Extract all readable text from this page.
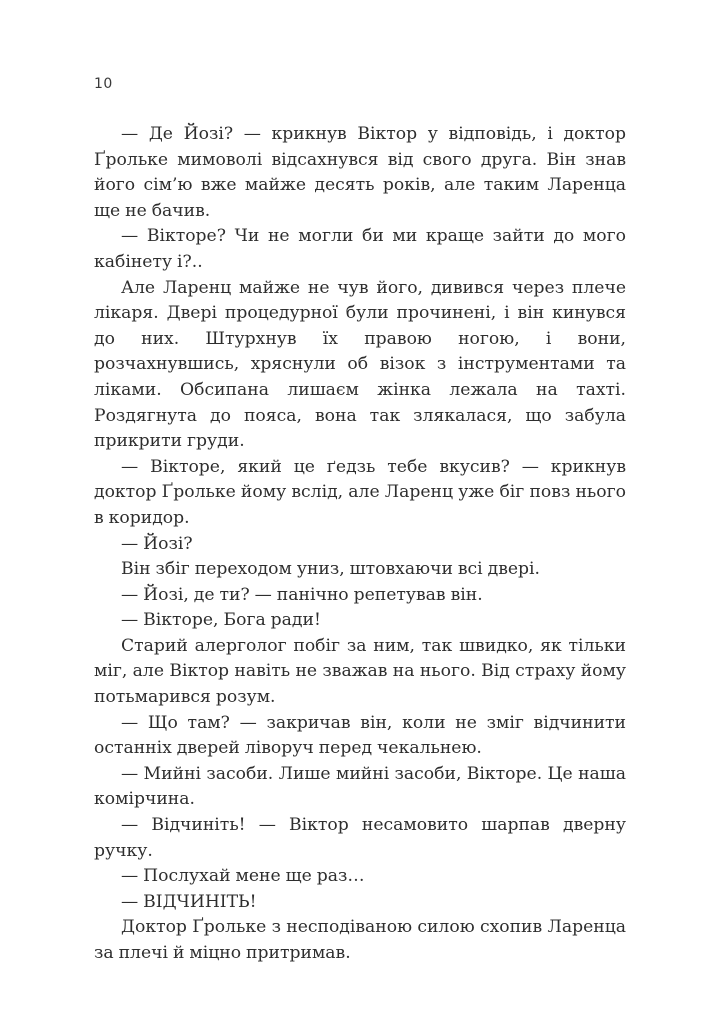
10

— Де Йозі? — крикнув Віктор у відповідь, і доктор Ґрольке мимоволі відсахнувся від свого друга. Він знав його сім’ю вже майже десять років, але таким Ларенца ще не бачив.

— Вікторе? Чи не могли би ми краще зайти до мого кабінету і?..

Але Ларенц майже не чув його, дивився через плече лікаря. Двері процедурної були прочинені, і він кинувся до них. Штурхнув їх правою ногою, і вони, розчахнувшись, хряснули об візок з інструментами та ліками. Обсипана лишаєм жінка лежала на тахті. Роздягнута до пояса, вона так злякалася, що забула прикрити груди.

— Вікторе, який це ґедзь тебе вкусив? — крикнув доктор Ґрольке йому вслід, але Ларенц уже біг повз нього в коридор.

— Йозі?

Він збіг переходом униз, штовхаючи всі двері.

— Йозі, де ти? — панічно репетував він.

— Вікторе, Бога ради!

Старий алерголог побіг за ним, так швидко, як тільки міг, але Віктор навіть не зважав на нього. Від страху йому потьмарився розум.

— Що там? — закричав він, коли не зміг відчинити останніх дверей ліворуч перед чекальнею.

— Мийні засоби. Лише мийні засоби, Вікторе. Це наша комірчина.

— Відчиніть! — Віктор несамовито шарпав дверну ручку.

— Послухай мене ще раз…

— ВІДЧИНІТЬ!

Доктор Ґрольке з несподіваною силою схопив Ларенца за плечі й міцно притримав.
